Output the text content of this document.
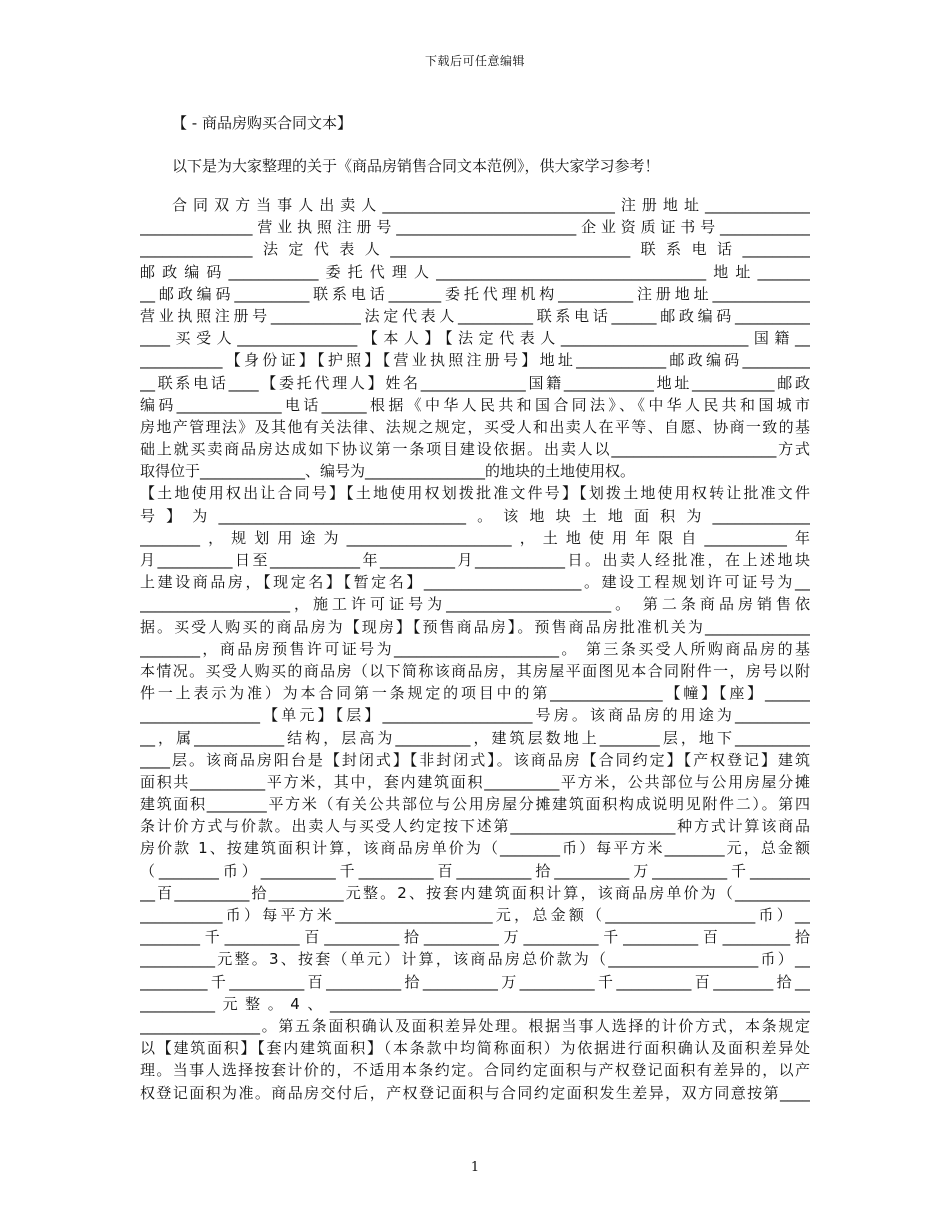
下载后可任意编辑
【 - 商品房购买合同文本】
以下是为大家整理的关于《商品房销售合同文本范例》，供大家学习参考！
合同双方当事人出卖人_______________________________注册地址______________
_______________营业执照注册号________________________企业资质证书号____________
_______________法定代表人________________________________联系电话_________
邮政编码____________委托代理人____________________________________地址_______
__邮政编码__________联系电话_______委托代理机构__________注册地址_____________
营业执照注册号____________法定代表人__________联系电话______邮政编码__________
____买受人________________【本人】【法定代表人_________________________国籍__
___________【身份证】【护照】【营业执照注册号】地址____________邮政编码_________
__联系电话____【委托代理人】姓名______________国籍____________地址___________邮政
编码______________电话______根据《中华人民共和国合同法》、《中华人民共和国城市
房地产管理法》及其他有关法律、法规之规定，买受人和出卖人在平等、自愿、协商一致的基
础上就买卖商品房达成如下协议第一条项目建设依据。出卖人以______________________方式
取得位于______________、编号为________________的地块的土地使用权。
【土地使用权出让合同号】【土地使用权划拨批准文件号】【划拨土地使用权转让批准文件
号】为_________________________________。该地块土地面积为_____________
________，规划用途为______________________，土地使用年限自___________年
月__________日至____________年__________月____________日。出卖人经批准，在上述地块
上建设商品房，【现定名】【暂定名】_____________________。建设工程规划许可证号为__
____________________，施工许可证号为______________________。 第二条商品房销售依
据。买受人购买的商品房为【现房】【预售商品房】。预售商品房批准机关为______________
________，商品房预售许可证号为______________________。 第三条买受人所购商品房的基
本情况。买受人购买的商品房（以下简称该商品房，其房屋平面图见本合同附件一，房号以附
件一上表示为准）为本合同第一条规定的项目中的第_______________【幢】【座】______
________________【单元】【层】____________________号房。该商品房的用途为__________
__，属____________结构，层高为__________，建筑层数地上________层，地下__________
____层。该商品房阳台是【封闭式】【非封闭式】。该商品房【合同约定】【产权登记】建筑
面积共__________平方米，其中，套内建筑面积__________平方米，公共部位与公用房屋分摊
建筑面积________平方米（有关公共部位与公用房屋分摊建筑面积构成说明见附件二）。第四
条计价方式与价款。出卖人与买受人约定按下述第______________________种方式计算该商品
房价款 1、按建筑面积计算，该商品房单价为（________币）每平方米________元，总金额
（________币）__________千__________百__________拾__________万__________千________
__百__________拾__________元整。2、按套内建筑面积计算，该商品房单价为（__________
___________币）每平方米_____________________元，总金额（____________________币）__
________千__________百__________拾__________万__________千__________百_________拾
__________元整。3、按套（单元）计算，该商品房总价款为（____________________币）__
_________千__________百__________拾__________万__________千__________百________拾__
__________元整。4、________________________________________________________________
________________。第五条面积确认及面积差异处理。根据当事人选择的计价方式，本条规定
以【建筑面积】【套内建筑面积】（本条款中均简称面积）为依据进行面积确认及面积差异处
理。当事人选择按套计价的，不适用本条约定。合同约定面积与产权登记面积有差异的，以产
权登记面积为准。商品房交付后，产权登记面积与合同约定面积发生差异，双方同意按第____
1
